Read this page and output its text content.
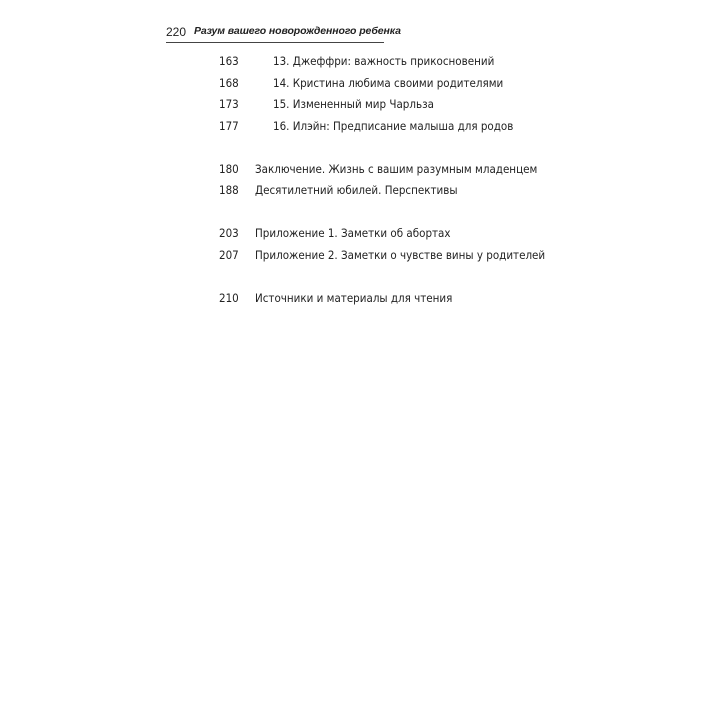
220 Разум вашего новорожденного ребенка
163	13. Джеффри: важность прикосновений
168	14. Кристина любима своими родителями
173	15. Измененный мир Чарльза
177	16. Илэйн: Предписание малыша для родов
180 Заключение. Жизнь с вашим разумным младенцем
188 Десятилетний юбилей. Перспективы
203 Приложение 1. Заметки об абортах
207 Приложение 2. Заметки о чувстве вины у родителей
210 Источники и материалы для чтения
